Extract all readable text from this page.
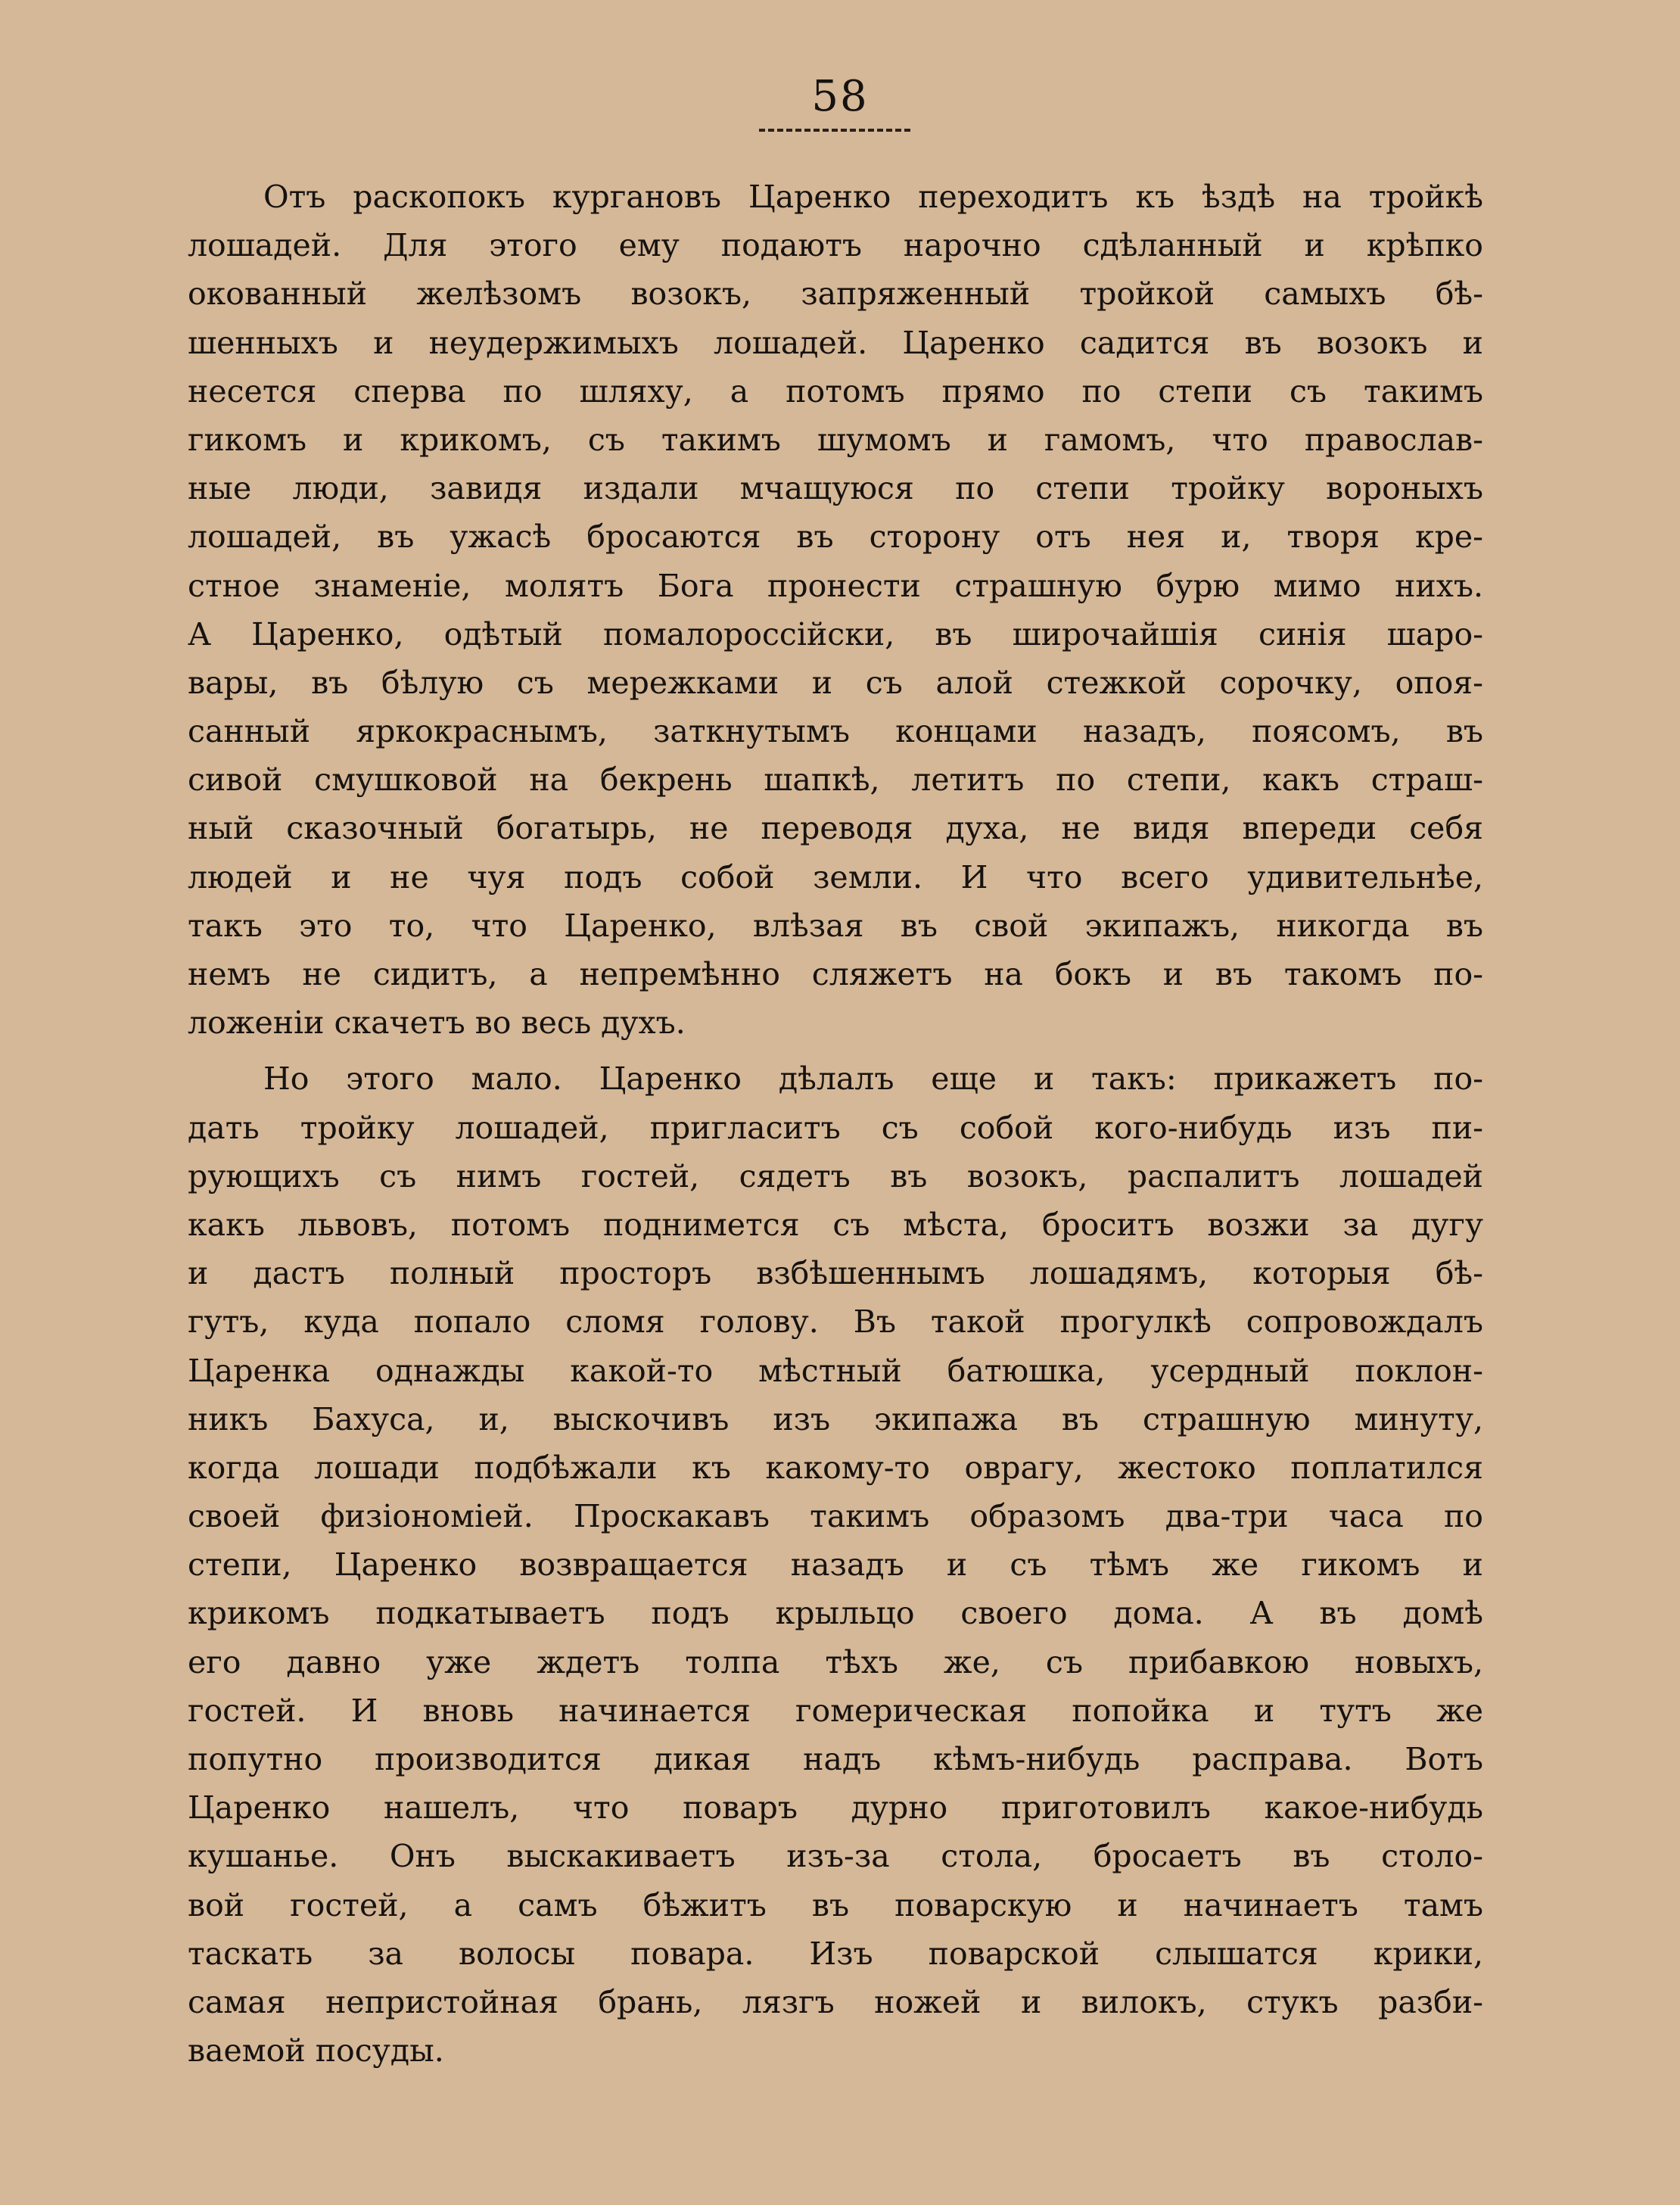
58
Отъ раскопокъ кургановъ Царенко переходитъ къ ѣздѣ на тройкѣ
лошадей. Для этого ему подаютъ нарочно сдѣланный и крѣпко
окованный желѣзомъ возокъ, запряженный тройкой самыхъ бѣ-
шенныхъ и неудержимыхъ лошадей. Царенко садится въ возокъ и
несется сперва по шляху, а потомъ прямо по степи съ такимъ
гикомъ и крикомъ, съ такимъ шумомъ и гамомъ, что православ-
ные люди, завидя издали мчащуюся по степи тройку вороныхъ
лошадей, въ ужасѣ бросаются въ сторону отъ нея и, творя кре-
стное знаменіе, молятъ Бога пронести страшную бурю мимо нихъ.
А Царенко, одѣтый помалороссійски, въ широчайшія синія шаро-
вары, въ бѣлую съ мережками и съ алой стежкой сорочку, опоя-
санный яркокраснымъ, заткнутымъ концами назадъ, поясомъ, въ
сивой смушковой на бекрень шапкѣ, летитъ по степи, какъ страш-
ный сказочный богатырь, не переводя духа, не видя впереди себя
людей и не чуя подъ собой земли. И что всего удивительнѣе,
такъ это то, что Царенко, влѣзая въ свой экипажъ, никогда въ
немъ не сидитъ, а непремѣнно сляжетъ на бокъ и въ такомъ по-
ложеніи скачетъ во весь духъ.
Но этого мало. Царенко дѣлалъ еще и такъ: прикажетъ по-
дать тройку лошадей, пригласитъ съ собой кого-нибудь изъ пи-
рующихъ съ нимъ гостей, сядетъ въ возокъ, распалитъ лошадей
какъ львовъ, потомъ поднимется съ мѣста, броситъ возжи за дугу
и дастъ полный просторъ взбѣшеннымъ лошадямъ, которыя бѣ-
гутъ, куда попало сломя голову. Въ такой прогулкѣ сопровождалъ
Царенка однажды какой-то мѣстный батюшка, усердный поклон-
никъ Бахуса, и, выскочивъ изъ экипажа въ страшную минуту,
когда лошади подбѣжали къ какому-то оврагу, жестоко поплатился
своей физіономіей. Проскакавъ такимъ образомъ два-три часа по
степи, Царенко возвращается назадъ и съ тѣмъ же гикомъ и
крикомъ подкатываетъ подъ крыльцо своего дома. А въ домѣ
его давно уже ждетъ толпа тѣхъ же, съ прибавкою новыхъ,
гостей. И вновь начинается гомерическая попойка и тутъ же
попутно производится дикая надъ кѣмъ-нибудь расправа. Вотъ
Царенко нашелъ, что поваръ дурно приготовилъ какое-нибудь
кушанье. Онъ выскакиваетъ изъ-за стола, бросаетъ въ столо-
вой гостей, а самъ бѣжитъ въ поварскую и начинаетъ тамъ
таскать за волосы повара. Изъ поварской слышатся крики,
самая непристойная брань, лязгъ ножей и вилокъ, стукъ разби-
ваемой посуды.
